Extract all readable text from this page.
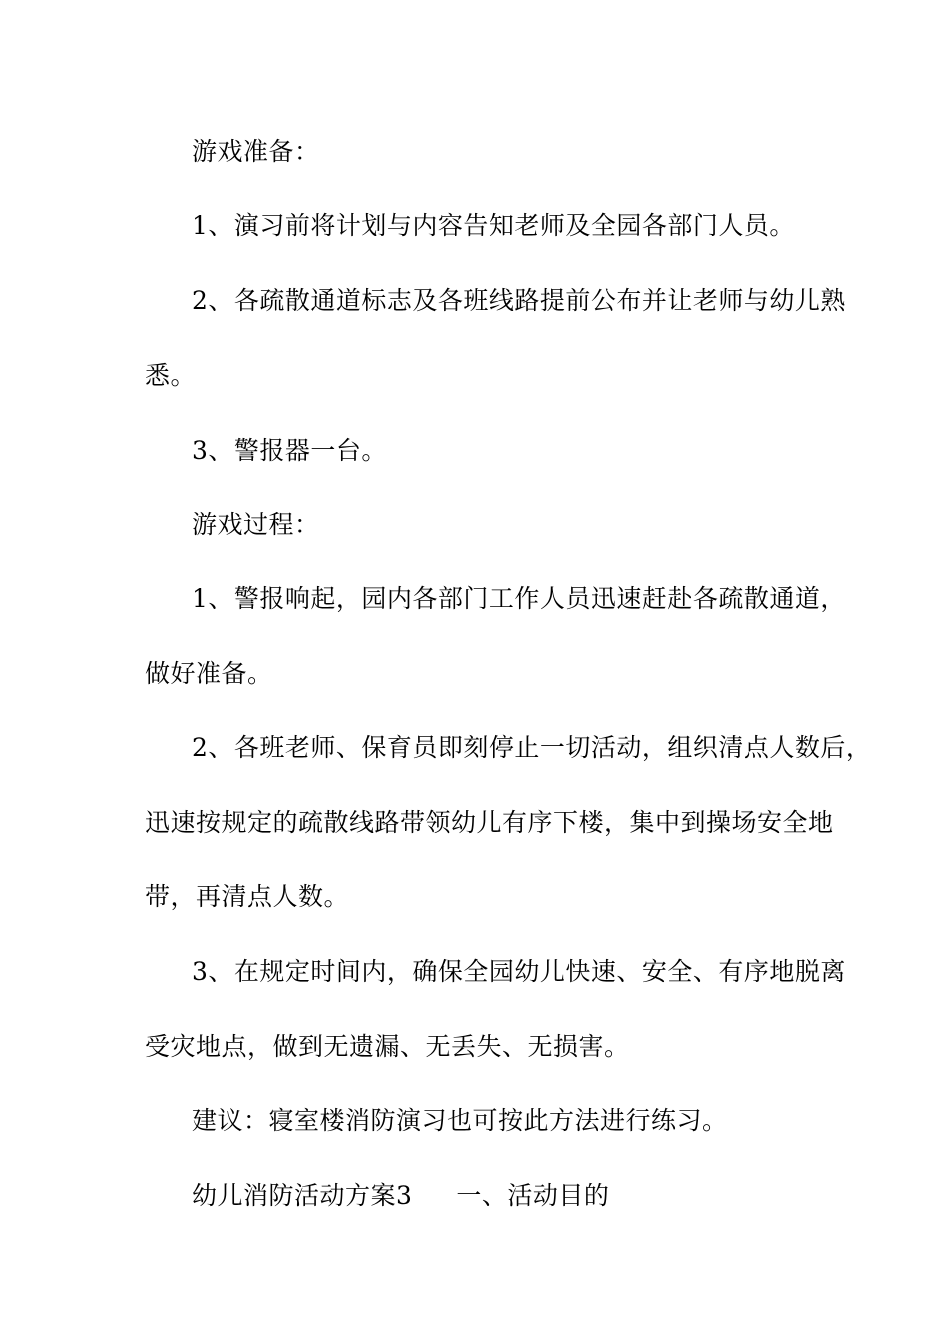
游戏准备：
1、演习前将计划与内容告知老师及全园各部门人员。
2、各疏散通道标志及各班线路提前公布并让老师与幼儿熟
悉。
3、警报器一台。
游戏过程：
1、警报响起，园内各部门工作人员迅速赶赴各疏散通道，
做好准备。
2、各班老师、保育员即刻停止一切活动，组织清点人数后，
迅速按规定的疏散线路带领幼儿有序下楼，集中到操场安全地
带，再清点人数。
3、在规定时间内，确保全园幼儿快速、安全、有序地脱离
受灾地点，做到无遗漏、无丢失、无损害。
建议：寝室楼消防演习也可按此方法进行练习。
幼儿消防活动方案3 一、活动目的
